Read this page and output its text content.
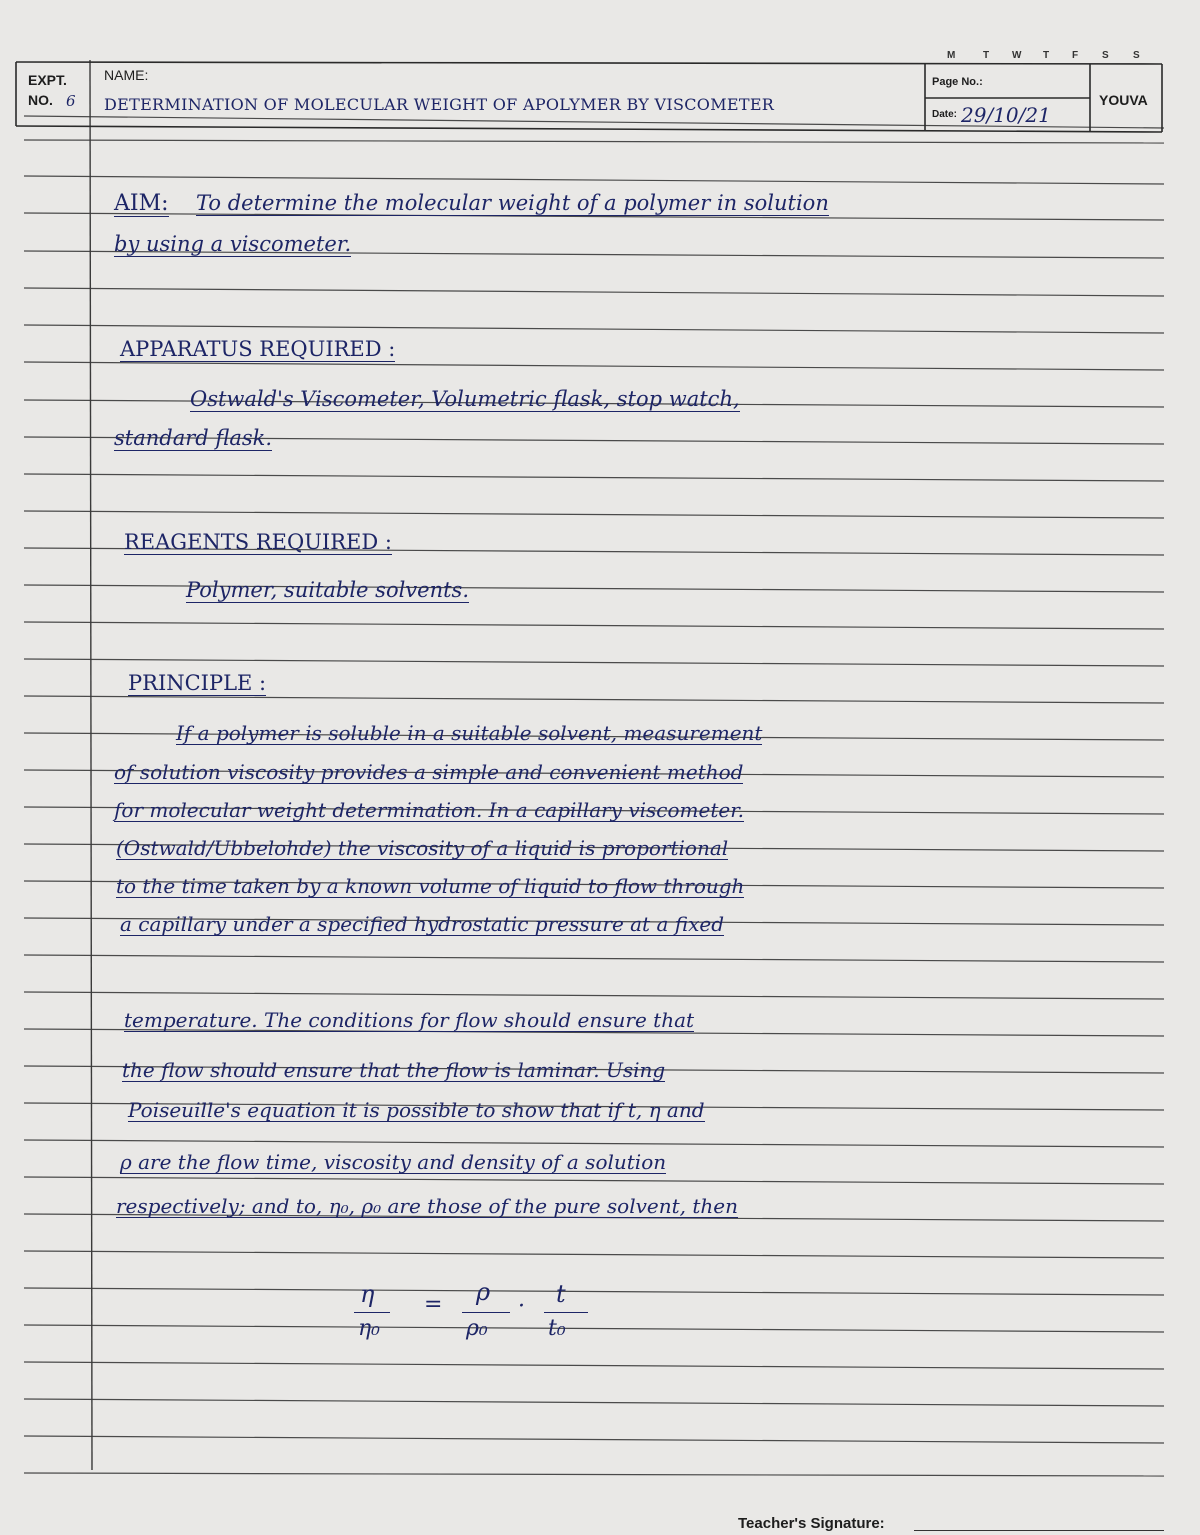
M	T W T F S S
EXPT.
NO. 6
NAME:
DETERMINATION OF MOLECULAR WEIGHT OF APOLYMER BY VISCOMETER
Page No.:
Date: 29/10/21
YOUVA
AIM: To determine the molecular weight of a polymer in solution
by using a viscometer.
APPARATUS REQUIRED :
Ostwald's Viscometer, Volumetric flask, stop watch,
standard flask.
REAGENTS REQUIRED :
Polymer, suitable solvents.
PRINCIPLE :
If a polymer is soluble in a suitable solvent, measurement
of solution viscosity provides a simple and convenient method
for molecular weight determination. In a capillary viscometer.
(Ostwald/Ubbelohde) the viscosity of a liquid is proportional
to the time taken by a known volume of liquid to flow through
a capillary under a specified hydrostatic pressure at a fixed
temperature. The conditions for flow should ensure that
the flow should ensure that the flow is laminar. Using
Poiseuille's equation it is possible to show that if t, η and
ρ are the flow time, viscosity and density of a solution
respectively; and to, η₀, ρ₀ are those of the pure solvent, then
η
η₀
= ρ
ρ₀
· t
t₀
Teacher's Signature:
